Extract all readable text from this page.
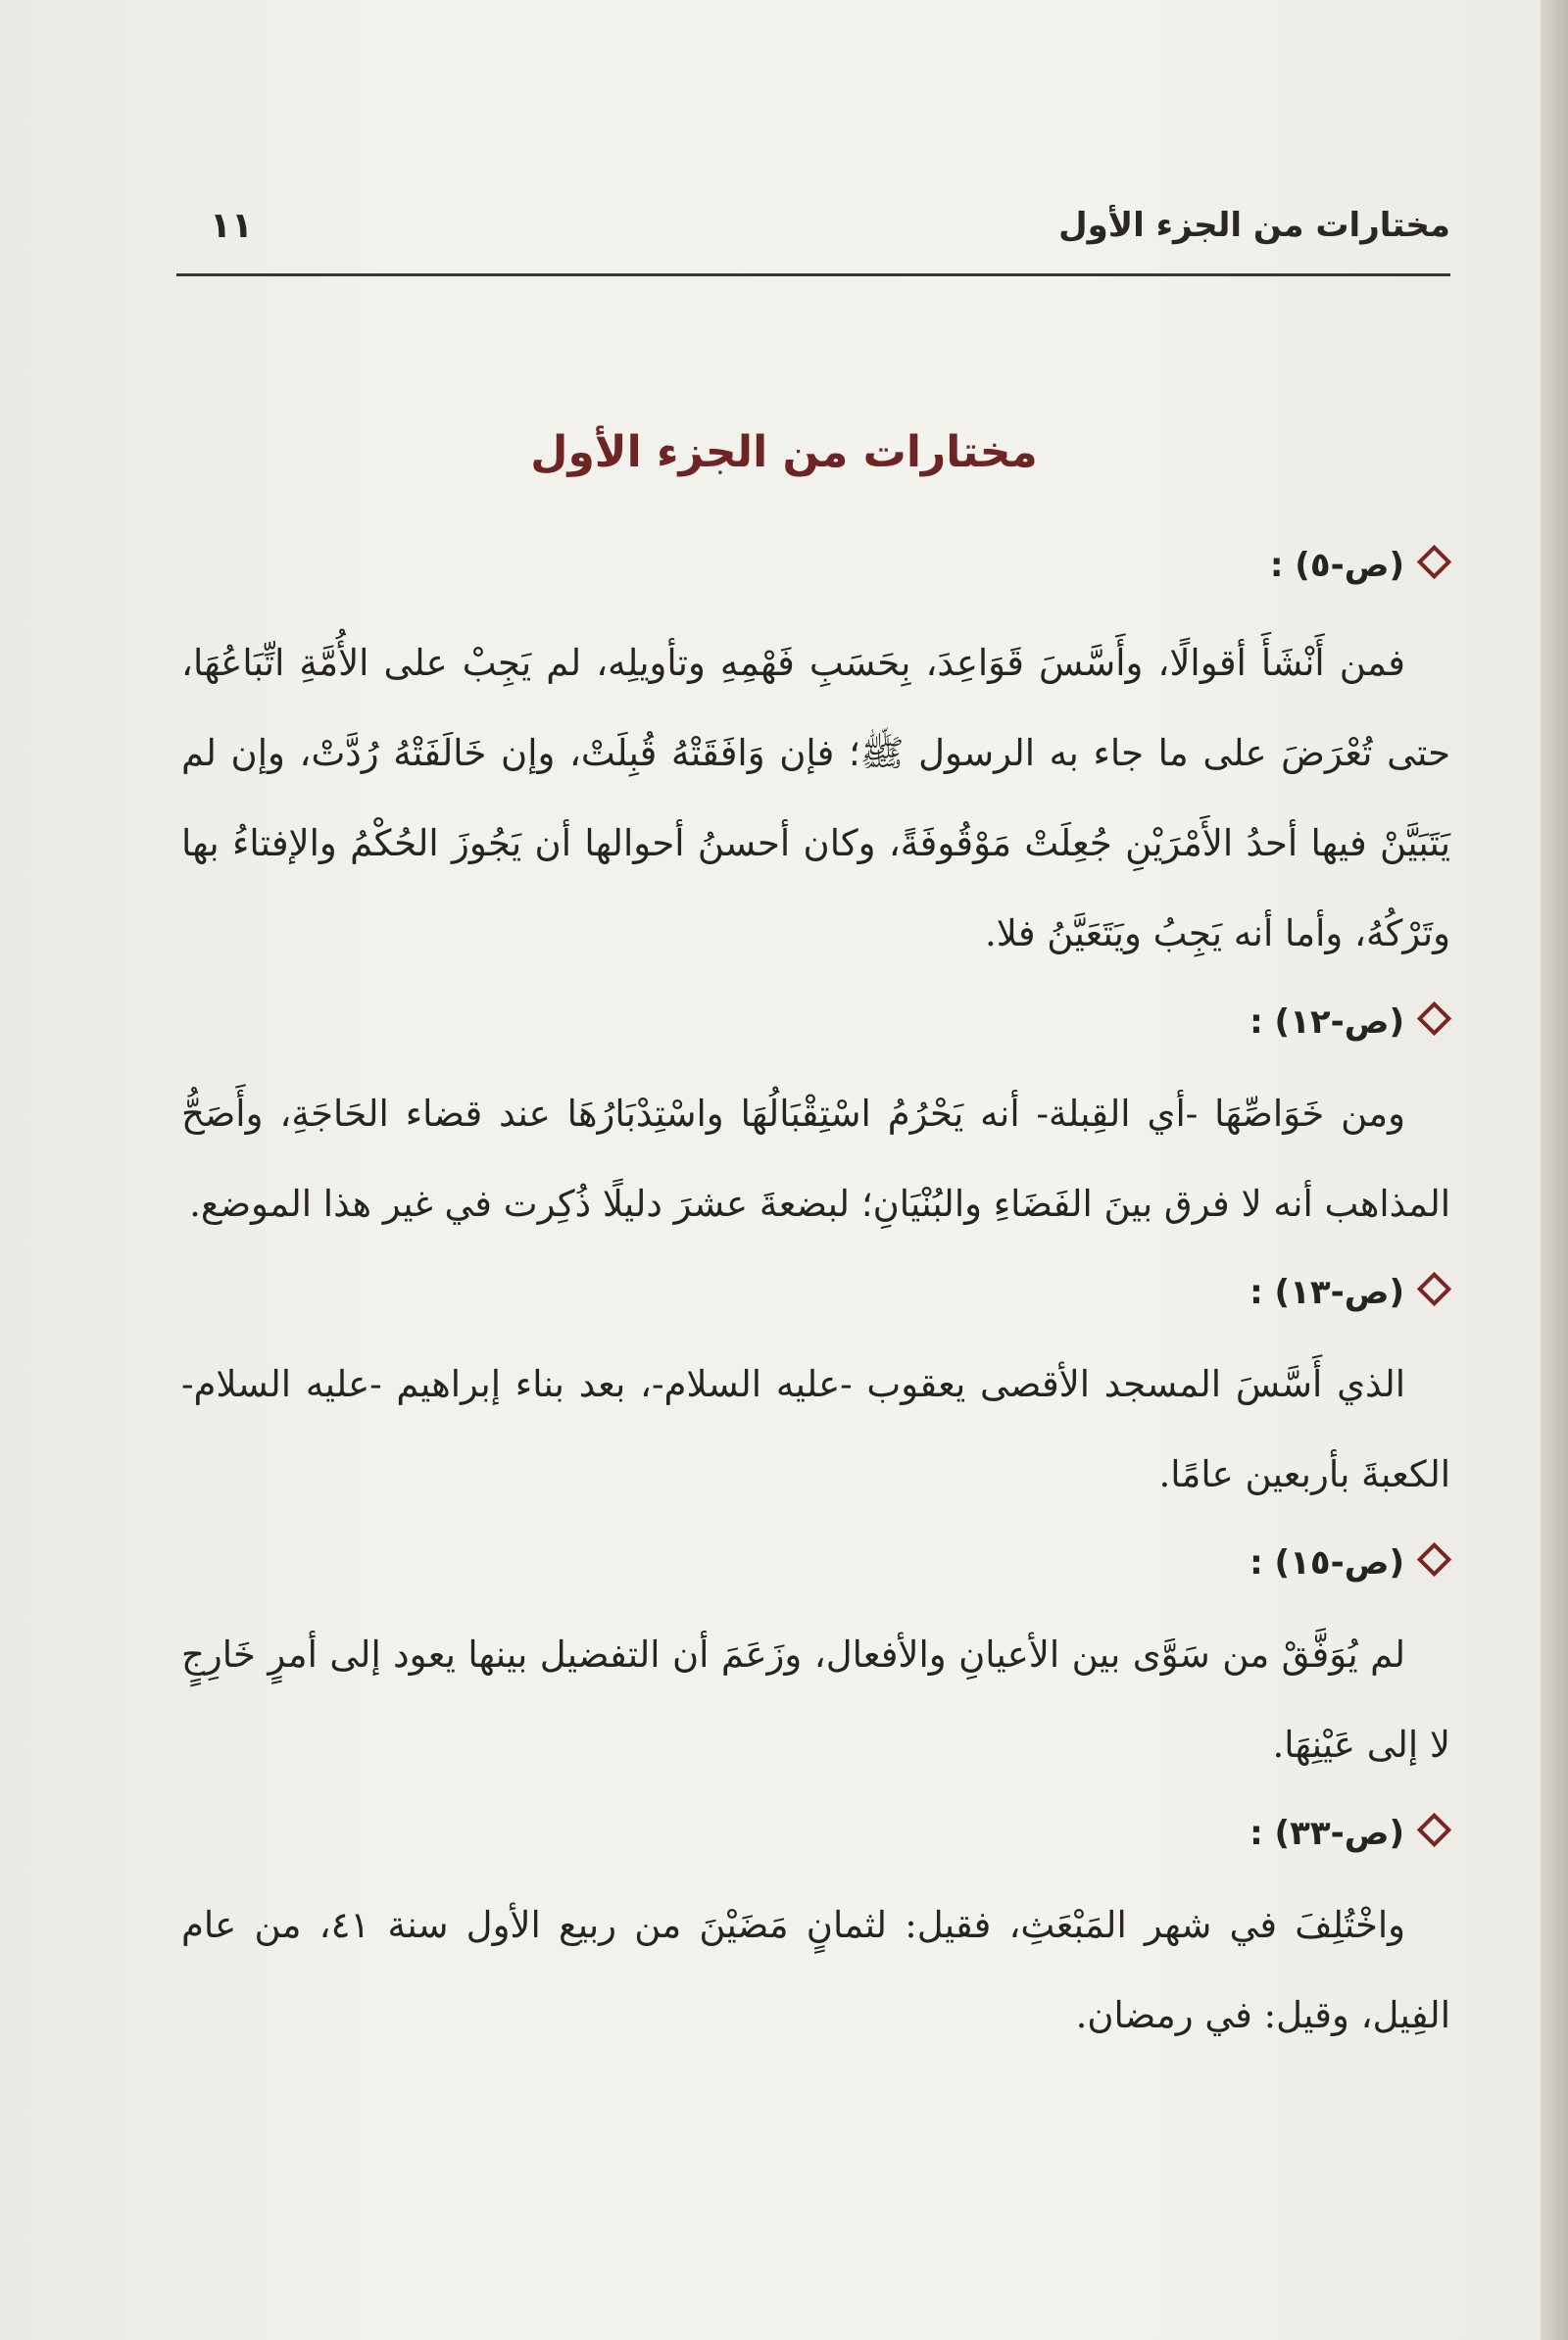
مختارات من الجزء الأول
١١
مختارات من الجزء الأول
(ص-٥) :

فمن أَنْشَأَ أقوالًا، وأَسَّسَ قَوَاعِدَ، بِحَسَبِ فَهْمِهِ وتأويلِه، لم يَجِبْ على الأُمَّةِ اتِّبَاعُهَا، حتى تُعْرَضَ على ما جاء به الرسول ﷺ؛ فإن وَافَقَتْهُ قُبِلَتْ، وإن خَالَفَتْهُ رُدَّتْ، وإن لم يَتَبَيَّنْ فيها أحدُ الأَمْرَيْنِ جُعِلَتْ مَوْقُوفَةً، وكان أحسنُ أحوالها أن يَجُوزَ الحُكْمُ والإفتاءُ بها وتَرْكُهُ، وأما أنه يَجِبُ ويَتَعَيَّنُ فلا.

(ص-١٢) :

ومن خَوَاصِّهَا -أي القِبلة- أنه يَحْرُمُ اسْتِقْبَالُهَا واسْتِدْبَارُهَا عند قضاء الحَاجَةِ، وأَصَحُّ المذاهب أنه لا فرق بينَ الفَضَاءِ والبُنْيَانِ؛ لبضعةَ عشرَ دليلًا ذُكِرت في غير هذا الموضع.

(ص-١٣) :

الذي أَسَّسَ المسجد الأقصى يعقوب -عليه السلام-، بعد بناء إبراهيم -عليه السلام- الكعبةَ بأربعين عامًا.

(ص-١٥) :

لم يُوَفَّقْ من سَوَّى بين الأعيانِ والأفعال، وزَعَمَ أن التفضيل بينها يعود إلى أمرٍ خَارِجٍ لا إلى عَيْنِهَا.

(ص-٣٣) :

واخْتُلِفَ في شهر المَبْعَثِ، فقيل: لثمانٍ مَضَيْنَ من ربيع الأول سنة ٤١، من عام الفِيل، وقيل: في رمضان.
